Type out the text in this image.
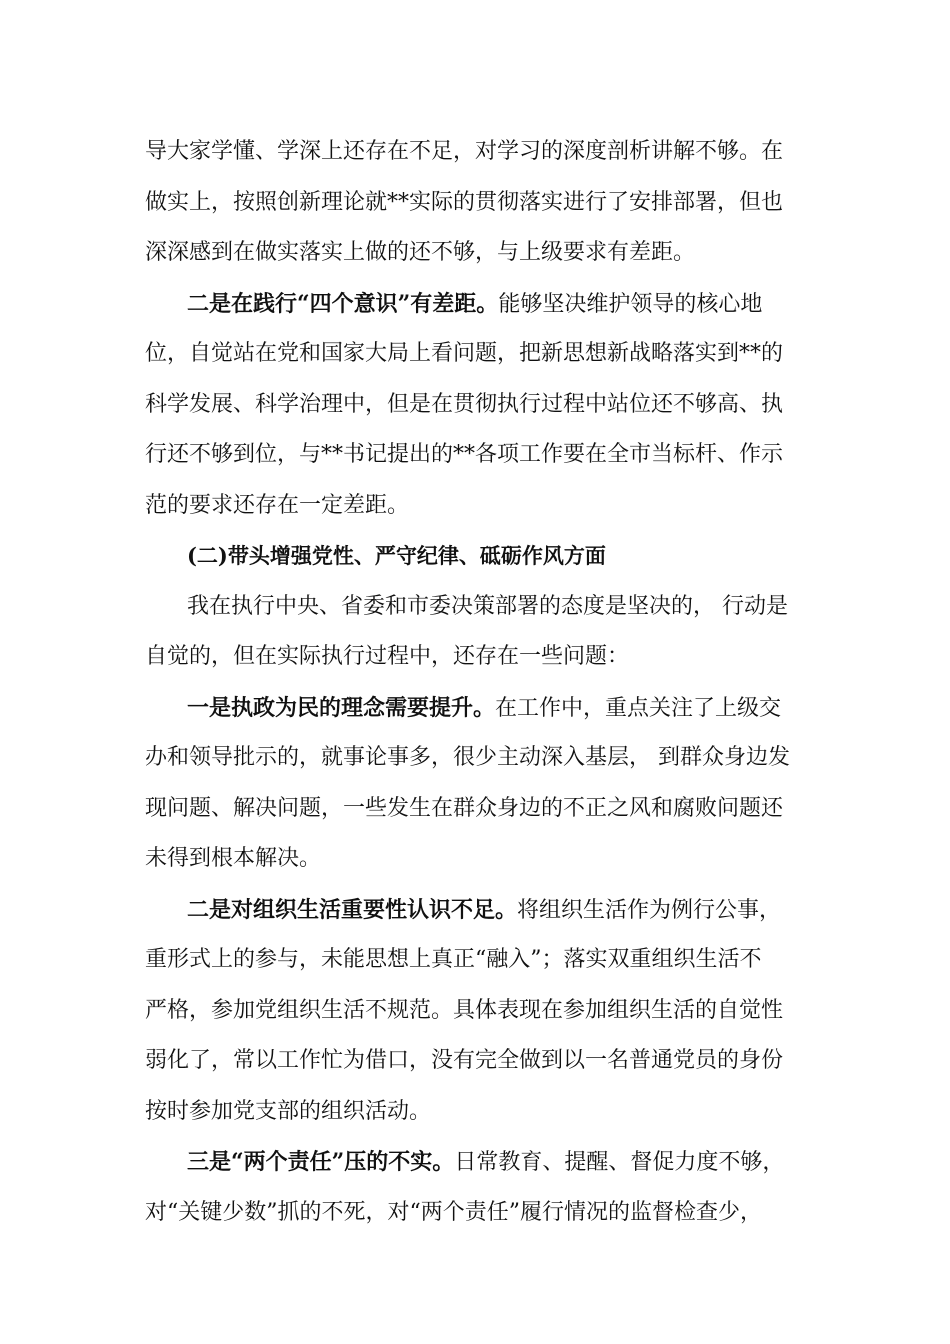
导大家学懂、学深上还存在不足，对学习的深度剖析讲解不够。在
做实上，按照创新理论就**实际的贯彻落实进行了安排部署，但也
深深感到在做实落实上做的还不够，与上级要求有差距。
二是在践行“四个意识”有差距。能够坚决维护领导的核心地
位，自觉站在党和国家大局上看问题，把新思想新战略落实到**的
科学发展、科学治理中，但是在贯彻执行过程中站位还不够高、执
行还不够到位，与**书记提出的**各项工作要在全市当标杆、作示
范的要求还存在一定差距。
(二)带头增强党性、严守纪律、砥砺作风方面
我在执行中央、省委和市委决策部署的态度是坚决的， 行动是
自觉的，但在实际执行过程中，还存在一些问题：
一是执政为民的理念需要提升。在工作中，重点关注了上级交
办和领导批示的，就事论事多，很少主动深入基层， 到群众身边发
现问题、解决问题，一些发生在群众身边的不正之风和腐败问题还
未得到根本解决。
二是对组织生活重要性认识不足。将组织生活作为例行公事，
重形式上的参与，未能思想上真正“融入”；落实双重组织生活不
严格，参加党组织生活不规范。具体表现在参加组织生活的自觉性
弱化了，常以工作忙为借口，没有完全做到以一名普通党员的身份
按时参加党支部的组织活动。
三是“两个责任”压的不实。日常教育、提醒、督促力度不够，
对“关键少数”抓的不死，对“两个责任”履行情况的监督检查少，
